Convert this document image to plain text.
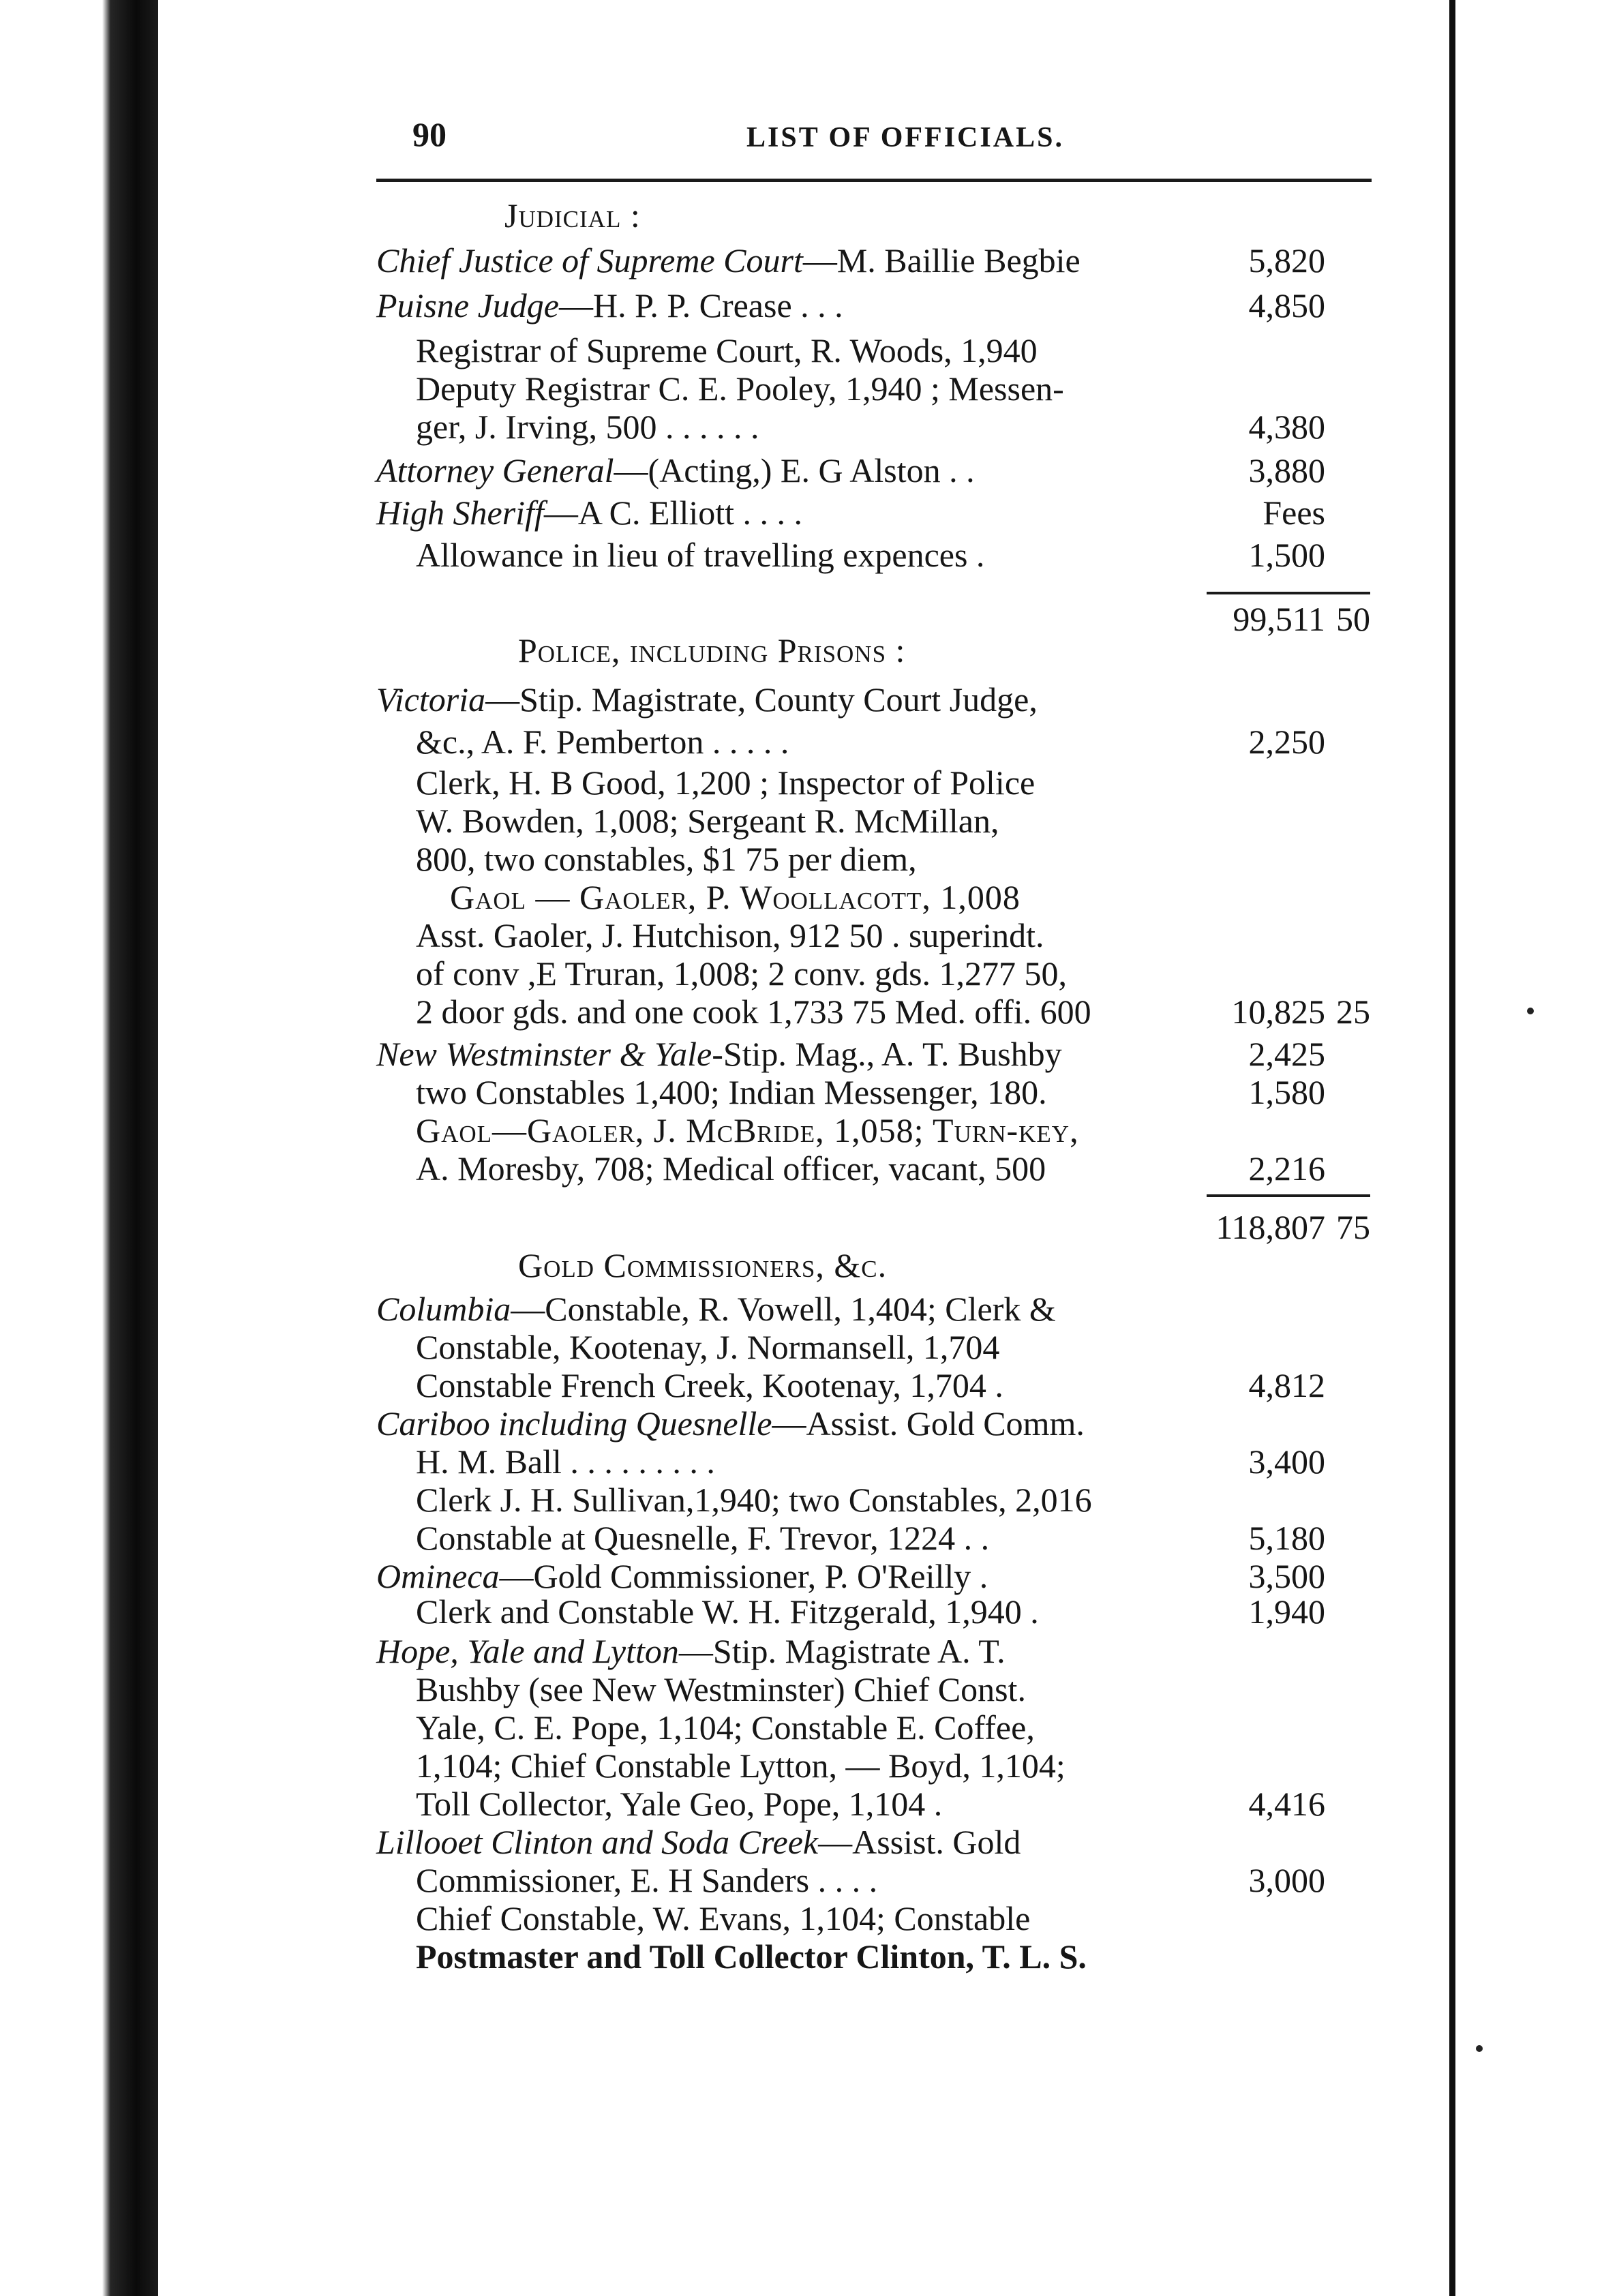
90	LIST OF OFFICIALS.
Judicial :
Chief Justice of Supreme Court—M. Baillie Begbie	5,820
Puisne Judge—H. P. P. Crease . . .	4,850
Registrar of Supreme Court, R. Woods, 1,940
Deputy Registrar C. E. Pooley, 1,940 ; Messen-
ger, J. Irving, 500 . . . . . .	4,380
Attorney General—(Acting,) E. G Alston . .	3,880
High Sheriff—A C. Elliott . . . .	Fees
Allowance in lieu of travelling expences .	1,500
99,511 50
Police, including Prisons :
Victoria—Stip. Magistrate, County Court Judge,
&c., A. F. Pemberton . . . . .	2,250
Clerk, H. B Good, 1,200 ; Inspector of Police
W. Bowden, 1,008; Sergeant R. McMillan,
800, two constables, $1 75 per diem,
Gaol — Gaoler, P. Woollacott, 1,008
Asst. Gaoler, J. Hutchison, 912 50 . superindt.
of conv ,E Truran, 1,008; 2 conv. gds. 1,277 50,
2 door gds. and one cook 1,733 75 Med. offi. 600	10,825 25
New Westminster & Yale-Stip. Mag., A. T. Bushby	2,425
two Constables 1,400; Indian Messenger, 180.	1,580
Gaol—Gaoler, J. McBride, 1,058; Turn-key,
A. Moresby, 708; Medical officer, vacant, 500	2,216
118,807 75
Gold Commissioners, &c.
Columbia—Constable, R. Vowell, 1,404; Clerk &
Constable, Kootenay, J. Normansell, 1,704
Constable French Creek, Kootenay, 1,704 .	4,812
Cariboo including Quesnelle—Assist. Gold Comm.
H. M. Ball . . . . . . . . .	3,400
Clerk J. H. Sullivan,1,940; two Constables, 2,016
Constable at Quesnelle, F. Trevor, 1224 . .	5,180
Omineca—Gold Commissioner, P. O'Reilly .	3,500
Clerk and Constable W. H. Fitzgerald, 1,940 .	1,940
Hope, Yale and Lytton—Stip. Magistrate A. T.
Bushby (see New Westminster) Chief Const.
Yale, C. E. Pope, 1,104; Constable E. Coffee,
1,104; Chief Constable Lytton, — Boyd, 1,104;
Toll Collector, Yale Geo, Pope, 1,104 .	4,416
Lillooet Clinton and Soda Creek—Assist. Gold
Commissioner, E. H Sanders . . . .	3,000
Chief Constable, W. Evans, 1,104; Constable
Postmaster and Toll Collector Clinton, T. L. S.
